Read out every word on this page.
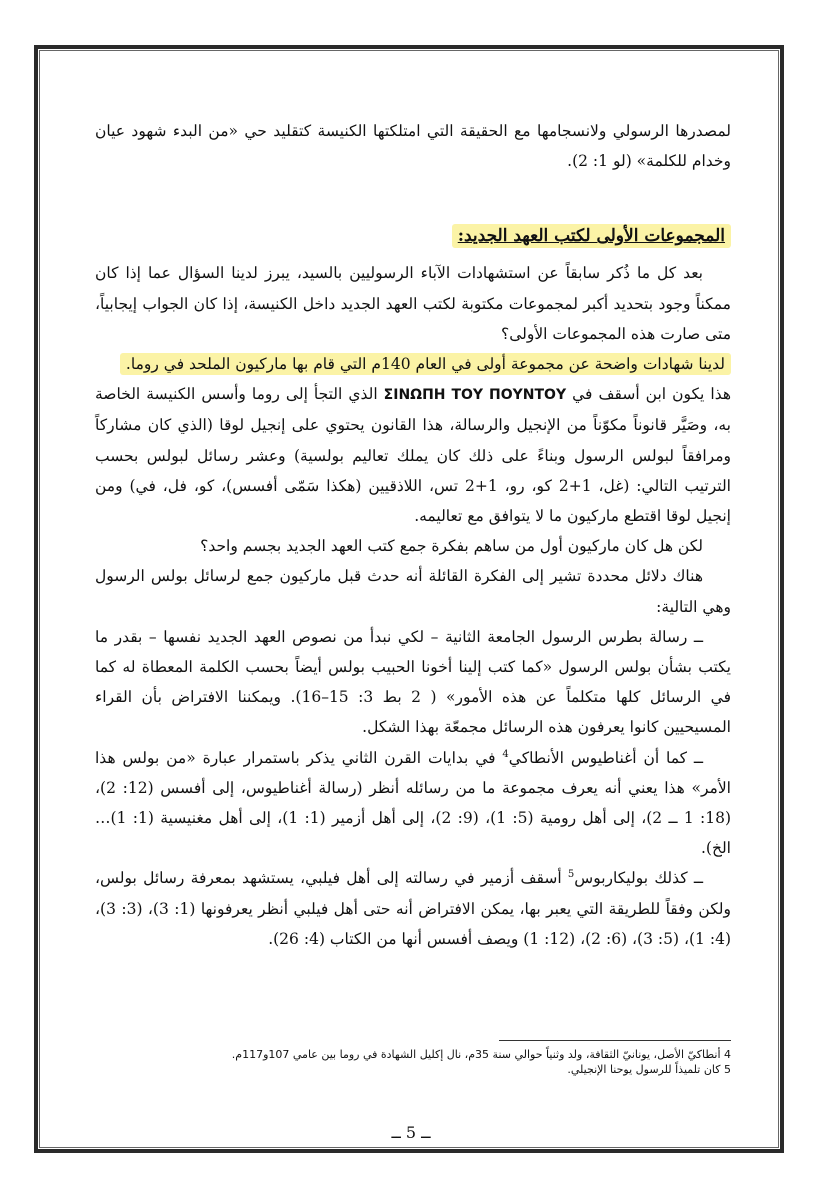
لمصدرها الرسولي ولانسجامها مع الحقيقة التي امتلكتها الكنيسة كتقليد حي «من البدء شهود عيان وخدام للكلمة» (لو 1: 2).

المجموعات الأولى لكتب العهد الجديد:

بعد كل ما ذُكر سابقاً عن استشهادات الآباء الرسوليين بالسيد، يبرز لدينا السؤال عما إذا كان ممكناً وجود بتحديد أكبر لمجموعات مكتوبة لكتب العهد الجديد داخل الكنيسة، إذا كان الجواب إيجابياً، متى صارت هذه المجموعات الأولى؟

لدينا شهادات واضحة عن مجموعة أولى في العام 140م التي قام بها ماركيون الملحد في روما.

هذا يكون ابن أسقف في ΣΙΝΩΠΗ ΤΟΥ ΠΟΥΝΤΟΥ الذي التجأ إلى روما وأسس الكنيسة الخاصة به، وصَيَّر قانوناً مكوّناً من الإنجيل والرسالة، هذا القانون يحتوي على إنجيل لوقا (الذي كان مشاركاً ومرافقاً لبولس الرسول وبناءً على ذلك كان يملك تعاليم بولسية) وعشر رسائل لبولس بحسب الترتيب التالي: (غل، 1+2 كو، رو، 1+2 تس، اللاذقيين (هكذا سَمّى أفسس)، كو، فل، في) ومن إنجيل لوقا اقتطع ماركيون ما لا يتوافق مع تعاليمه.

لكن هل كان ماركيون أول من ساهم بفكرة جمع كتب العهد الجديد بجسم واحد؟

هناك دلائل محددة تشير إلى الفكرة القائلة أنه حدث قبل ماركيون جمع لرسائل بولس الرسول وهي التالية:

ــ رسالة بطرس الرسول الجامعة الثانية – لكي نبدأ من نصوص العهد الجديد نفسها – بقدر ما يكتب بشأن بولس الرسول «كما كتب إلينا أخونا الحبيب بولس أيضاً بحسب الكلمة المعطاة له كما في الرسائل كلها متكلماً عن هذه الأمور» ( 2 بط 3: 15–16). ويمكننا الافتراض بأن القراء المسيحيين كانوا يعرفون هذه الرسائل مجمعّة بهذا الشكل.

ــ كما أن أغناطيوس الأنطاكي$^4$ في بدايات القرن الثاني يذكر باستمرار عبارة «من بولس هذا الأمر» هذا يعني أنه يعرف مجموعة ما من رسائله أنظر (رسالة أغناطيوس، إلى أفسس (12: 2)، (18: 1 ــ 2)، إلى أهل رومية (5: 1)، (9: 2)، إلى أهل أزمير (1: 1)، إلى أهل مغنيسية (1: 1)… الخ).

ــ كذلك بوليكاربوس$^5$ أسقف أزمير في رسالته إلى أهل فيلبي، يستشهد بمعرفة رسائل بولس، ولكن وفقاً للطريقة التي يعبر بها، يمكن الافتراض أنه حتى أهل فيلبي أنظر يعرفونها (1: 3)، (3: 3)، (4: 1)، (5: 3)، (6: 2)، (12: 1) ويصف أفسس أنها من الكتاب (4: 26).

4 أنطاكيّ الأصل، يونانيّ الثقافة، ولد وثنياً حوالي سنة 35م، نال إكليل الشهادة في روما بين عامي 107و117م.
5 كان تلميذاً للرسول يوحنا الإنجيلي.
ــ 5 ــ
